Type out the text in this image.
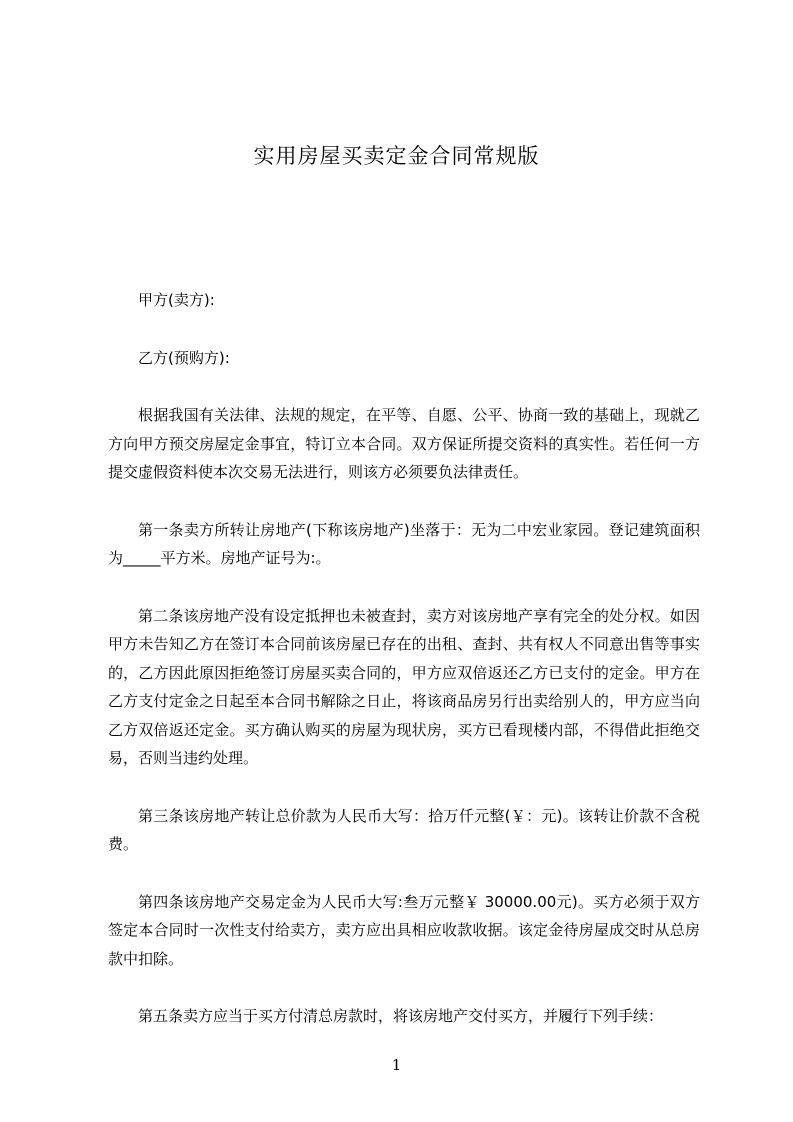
实用房屋买卖定金合同常规版

甲方(卖方):

乙方(预购方):

根据我国有关法律、法规的规定，在平等、自愿、公平、协商一致的基础上，现就乙方向甲方预交房屋定金事宜，特订立本合同。双方保证所提交资料的真实性。若任何一方提交虚假资料使本次交易无法进行，则该方必须要负法律责任。

第一条卖方所转让房地产(下称该房地产)坐落于：无为二中宏业家园。登记建筑面积为_____平方米。房地产证号为:。

第二条该房地产没有设定抵押也未被查封，卖方对该房地产享有完全的处分权。如因甲方未告知乙方在签订本合同前该房屋已存在的出租、查封、共有权人不同意出售等事实的，乙方因此原因拒绝签订房屋买卖合同的，甲方应双倍返还乙方已支付的定金。甲方在乙方支付定金之日起至本合同书解除之日止，将该商品房另行出卖给别人的，甲方应当向乙方双倍返还定金。买方确认购买的房屋为现状房，买方已看现楼内部，不得借此拒绝交易，否则当违约处理。

第三条该房地产转让总价款为人民币大写：拾万仟元整(￥：元)。该转让价款不含税费。

第四条该房地产交易定金为人民币大写:叁万元整￥ 30000.00元)。买方必须于双方签定本合同时一次性支付给卖方，卖方应出具相应收款收据。该定金待房屋成交时从总房款中扣除。

第五条卖方应当于买方付清总房款时，将该房地产交付买方，并履行下列手续：

1
